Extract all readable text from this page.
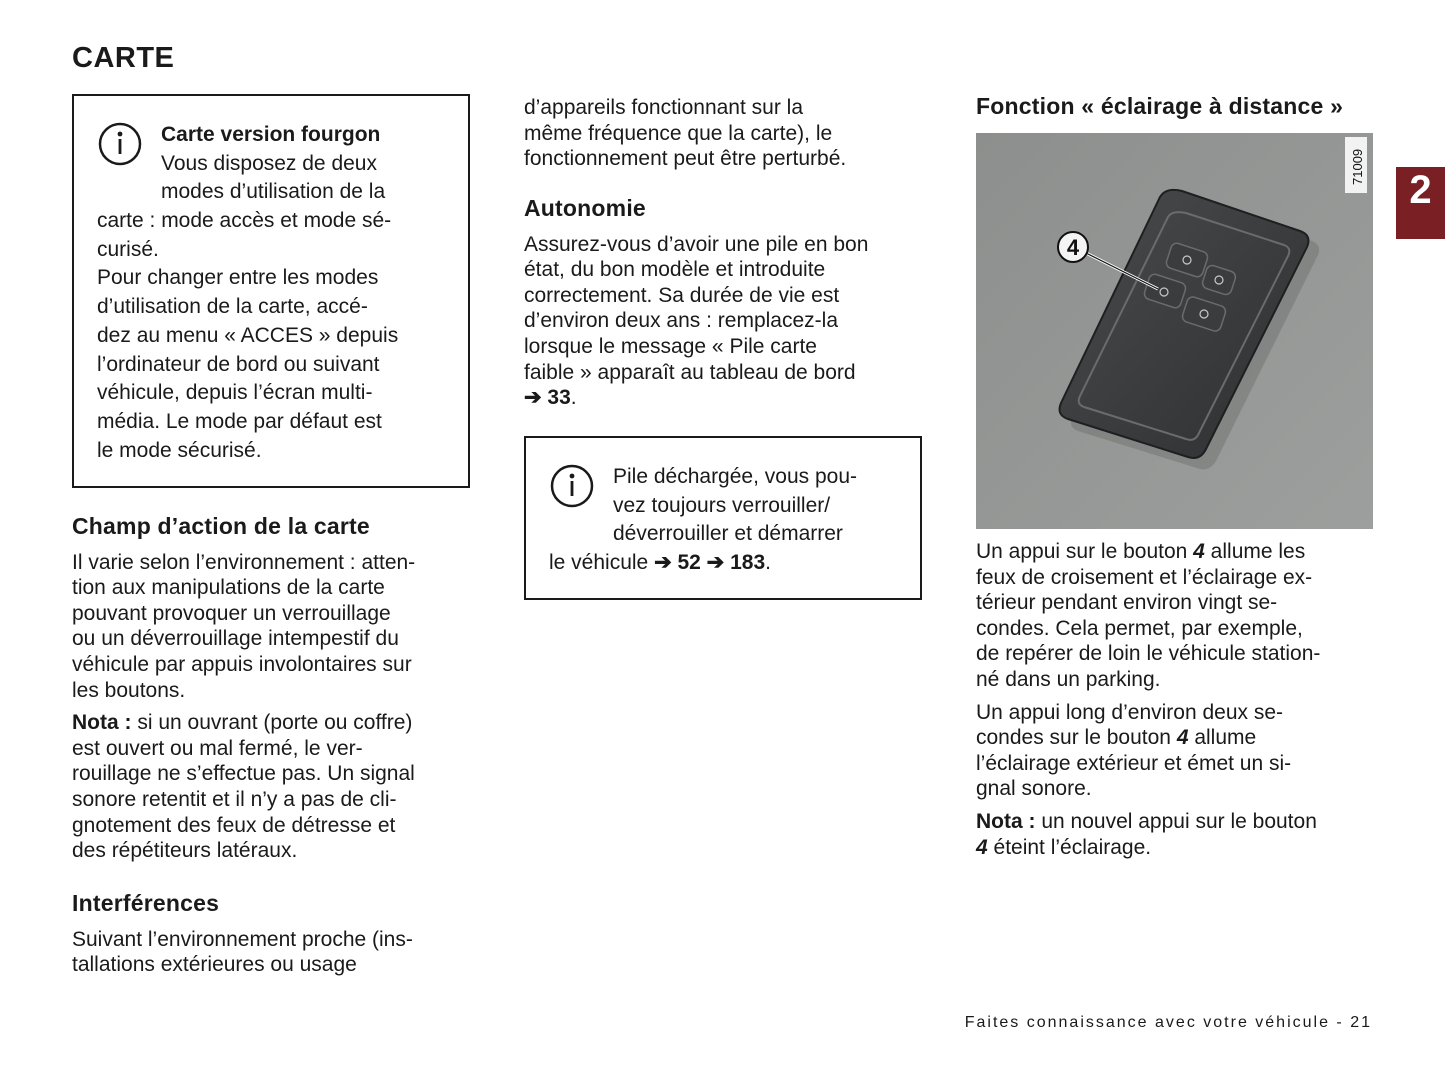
CARTE
2
Carte version fourgon
Vous disposez de deux
modes d’utilisation de la
carte : mode accès et mode sé-
curisé.
Pour changer entre les modes
d’utilisation de la carte, accé-
dez au menu « ACCES » depuis
l’ordinateur de bord ou suivant
véhicule, depuis l’écran multi-
média. Le mode par défaut est
le mode sécurisé.
Champ d’action de la carte
Il varie selon l’environnement : atten-
tion aux manipulations de la carte
pouvant provoquer un verrouillage
ou un déverrouillage intempestif du
véhicule par appuis involontaires sur
les boutons.
Nota : si un ouvrant (porte ou coffre)
est ouvert ou mal fermé, le ver-
rouillage ne s’effectue pas. Un signal
sonore retentit et il n’y a pas de cli-
gnotement des feux de détresse et
des répétiteurs latéraux.
Interférences
Suivant l’environnement proche (ins-
tallations extérieures ou usage
d’appareils fonctionnant sur la
même fréquence que la carte), le
fonctionnement peut être perturbé.
Autonomie
Assurez-vous d’avoir une pile en bon
état, du bon modèle et introduite
correctement. Sa durée de vie est
d’environ deux ans : remplacez-la
lorsque le message « Pile carte
faible » apparaît au tableau de bord
➔ 33.
Pile déchargée, vous pou-
vez toujours verrouiller/
déverrouiller et démarrer
le véhicule ➔ 52 ➔ 183.
Fonction « éclairage à distance »
4
71009
Un appui sur le bouton 4 allume les
feux de croisement et l’éclairage ex-
térieur pendant environ vingt se-
condes. Cela permet, par exemple,
de repérer de loin le véhicule station-
né dans un parking.
Un appui long d’environ deux se-
condes sur le bouton 4 allume
l’éclairage extérieur et émet un si-
gnal sonore.
Nota : un nouvel appui sur le bouton
4 éteint l’éclairage.
Faites connaissance avec votre véhicule - 21
